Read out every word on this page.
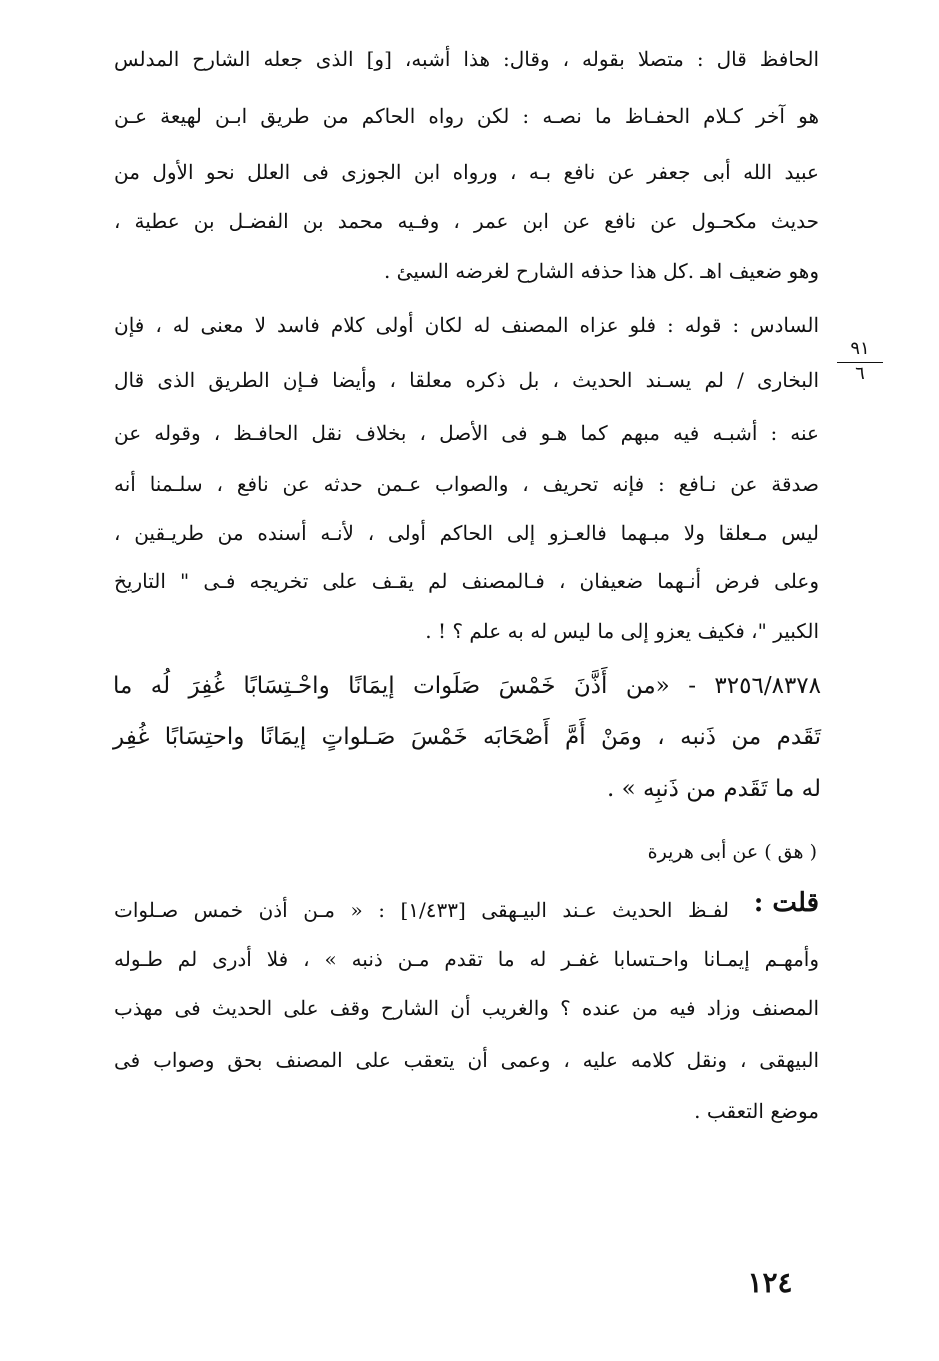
الحافظ قال : متصلا بقوله ، وقال: هذا أشبه، [و] الذى جعله الشارح المدلس
هو آخر كـلام الحفـاظ ما نصـه : لكن رواه الحاكم من طريق ابـن لهيعة عـن
عبيد الله أبى جعفر عن نافع بـه ، ورواه ابن الجوزى فى العلل نحو الأول من
حديث مكحـول عن نافع عن ابن عمر ، وفـيه محمد بن الفضـل بن عطية ،
وهو ضعيف اهـ .كل هذا حذفه الشارح لغرضه السيئ .
السادس : قوله : فلو عزاه المصنف له لكان أولى كلام فاسد لا معنى له ، فإن
البخارى / لم يسـند الحديث ، بل ذكره معلقا ، وأيضا فـإن الطريق الذى قال
عنه : أشبـه فيه مبهم كما هـو فى الأصل ، بخلاف نقل الحافـظ ، وقوله عن
صدقة عن نـافع : فإنه تحريف ، والصواب عـمن حدثه عن نافع ، سلـمنا أنه
ليس مـعلقا ولا مبـهما فالعـزو إلى الحاكم أولى ، لأنـه أسنده من طريـقين ،
وعلى فرض أنـهما ضعيفان ، فـالمصنف لم يقـف على تخريجه فـى " التاريخ
الكبير "، فكيف يعزو إلى ما ليس له به علم ؟ ! .
٩١
٦
٣٢٥٦/٨٣٧٨ - «من أَذَّنَ خَمْسَ صَلَوات إيمَانًا واحْـتِسَابًا غُفِرَ لُه ما
تَقَدم من ذَنبه ، ومَنْ أَمَّ أَصْحَابَه خَمْسَ صَـلواتٍ إيمَانًا واحتِسَابًا غُفِر
له ما تَقَدم من ذَنبِه » .
( هق ) عن أبى هريرة
قلت :
لفـظ الحديث عـند البيـهقى [١/٤٣٣] : « مـن أذن خمس صـلوات
وأمهـم إيمـانا واحـتسابا غفـر له ما تقدم مـن ذنبه » ، فلا أدرى لم طـوله
المصنف وزاد فيه من عنده ؟ والغريب أن الشارح وقف على الحديث فى مهذب
البيهقى ، ونقل كلامه عليه ، وعمى أن يتعقب على المصنف بحق وصواب فى
موضع التعقب .
١٢٤
